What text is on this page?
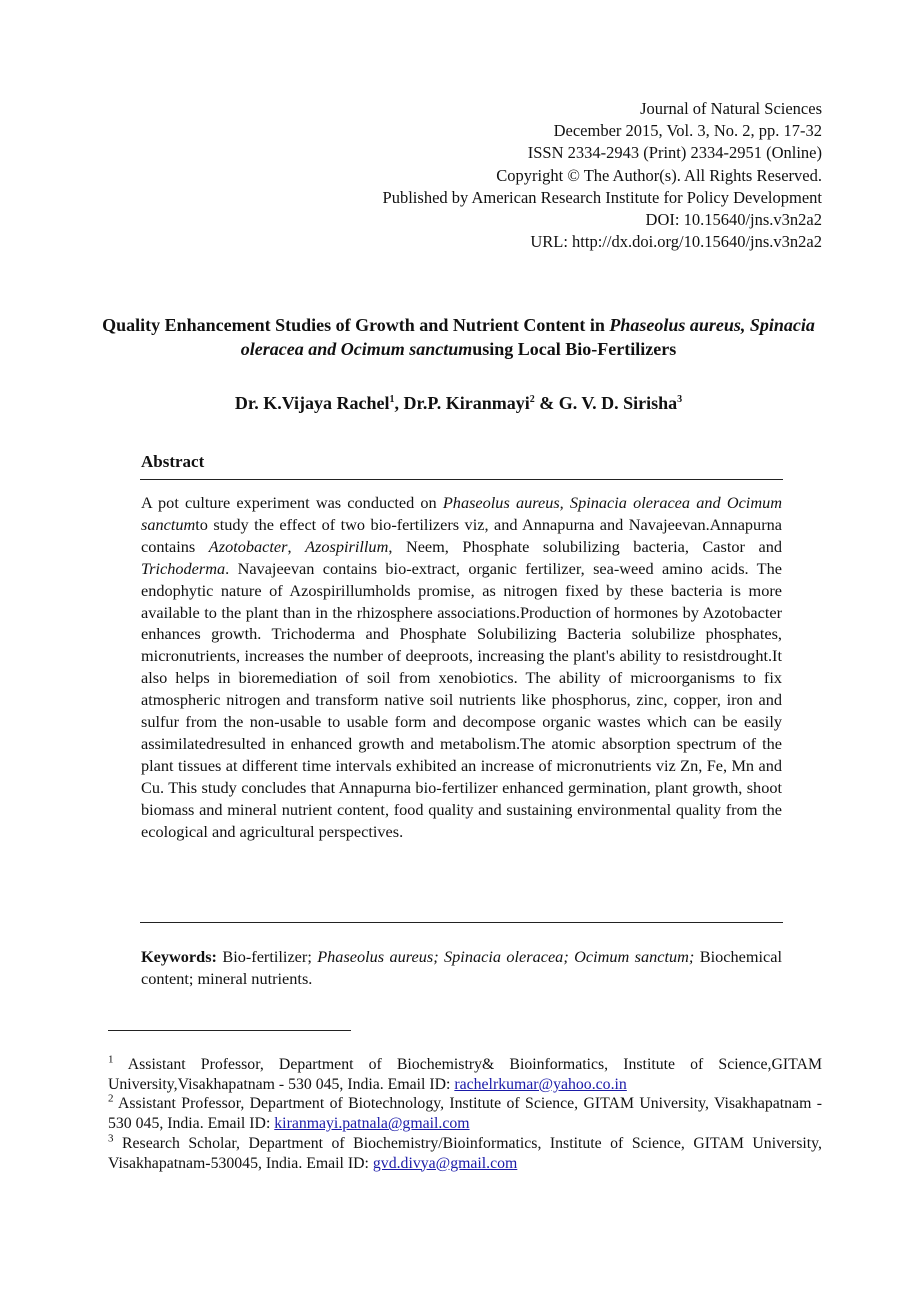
Journal of Natural Sciences
December 2015, Vol. 3, No. 2, pp. 17-32
ISSN 2334-2943 (Print) 2334-2951 (Online)
Copyright © The Author(s). All Rights Reserved.
Published by American Research Institute for Policy Development
DOI: 10.15640/jns.v3n2a2
URL: http://dx.doi.org/10.15640/jns.v3n2a2
Quality Enhancement Studies of Growth and Nutrient Content in Phaseolus aureus, Spinacia oleracea and Ocimum sanctumusing Local Bio-Fertilizers
Dr. K.Vijaya Rachel$^1$, Dr.P. Kiranmayi$^2$ & G. V. D. Sirisha$^3$
Abstract
A pot culture experiment was conducted on Phaseolus aureus, Spinacia oleracea and Ocimum sanctumto study the effect of two bio-fertilizers viz, and Annapurna and Navajeevan.Annapurna contains Azotobacter, Azospirillum, Neem, Phosphate solubilizing bacteria, Castor and Trichoderma. Navajeevan contains bio-extract, organic fertilizer, sea-weed amino acids. The endophytic nature of Azospirillumholds promise, as nitrogen fixed by these bacteria is more available to the plant than in the rhizosphere associations.Production of hormones by Azotobacter enhances growth. Trichoderma and Phosphate Solubilizing Bacteria solubilize phosphates, micronutrients, increases the number of deeproots, increasing the plant's ability to resistdrought.It also helps in bioremediation of soil from xenobiotics. The ability of microorganisms to fix atmospheric nitrogen and transform native soil nutrients like phosphorus, zinc, copper, iron and sulfur from the non-usable to usable form and decompose organic wastes which can be easily assimilatedresulted in enhanced growth and metabolism.The atomic absorption spectrum of the plant tissues at different time intervals exhibited an increase of micronutrients viz Zn, Fe, Mn and Cu. This study concludes that Annapurna bio-fertilizer enhanced germination, plant growth, shoot biomass and mineral nutrient content, food quality and sustaining environmental quality from the ecological and agricultural perspectives.
Keywords: Bio-fertilizer; Phaseolus aureus; Spinacia oleracea; Ocimum sanctum; Biochemical content; mineral nutrients.

$^1$ Assistant Professor, Department of Biochemistry& Bioinformatics, Institute of Science,GITAM University,Visakhapatnam - 530 045, India. Email ID: rachelrkumar@yahoo.co.in

$^2$ Assistant Professor, Department of Biotechnology, Institute of Science, GITAM University, Visakhapatnam - 530 045, India. Email ID: kiranmayi.patnala@gmail.com

$^3$ Research Scholar, Department of Biochemistry/Bioinformatics, Institute of Science, GITAM University, Visakhapatnam-530045, India. Email ID: gvd.divya@gmail.com
